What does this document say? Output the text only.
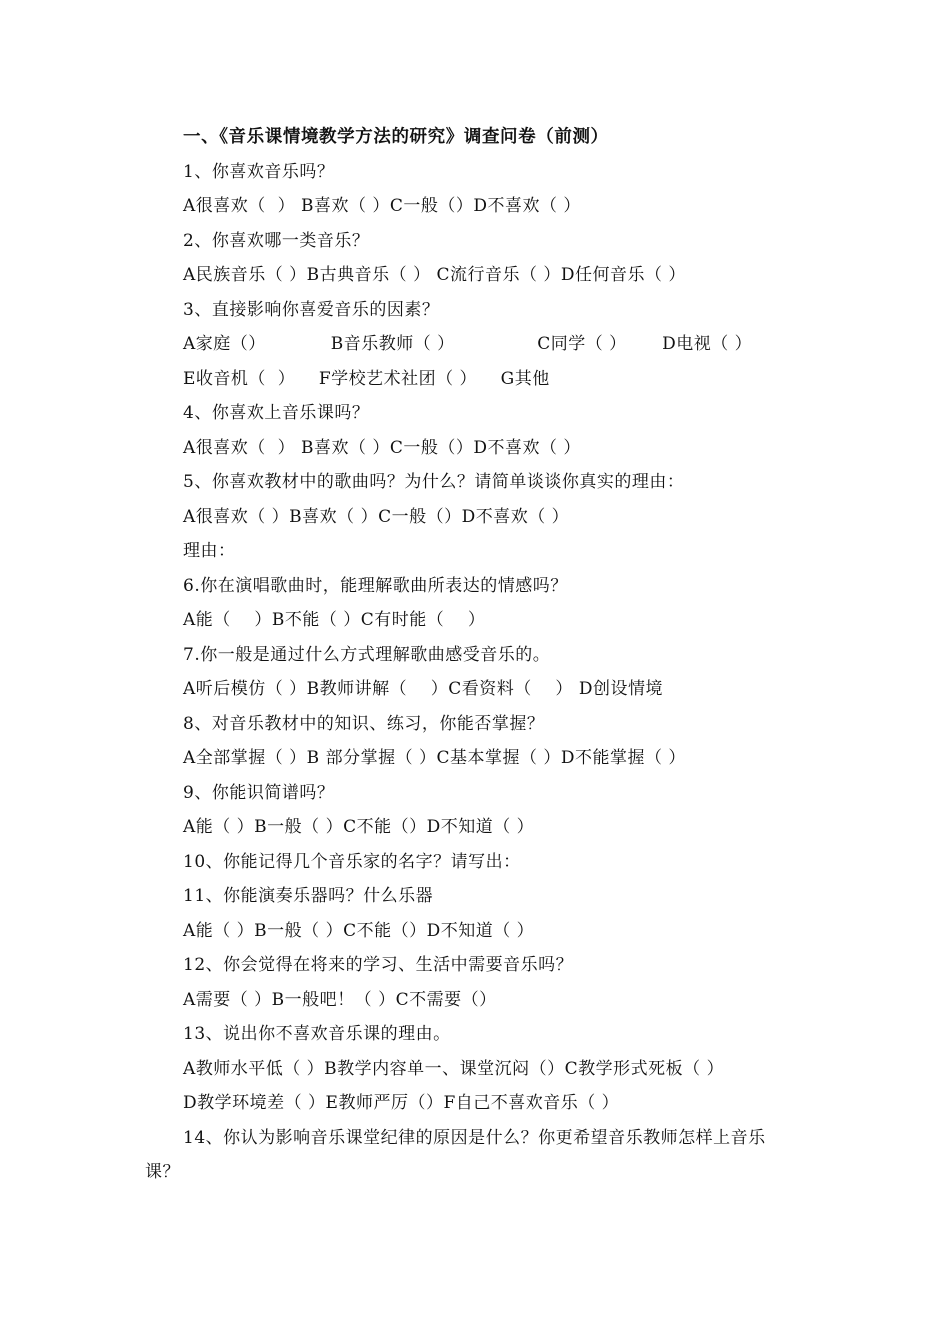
一、《音乐课情境教学方法的研究》调查问卷（前测）
1、你喜欢音乐吗？
A很喜欢（  ） B喜欢（ ）C一般（）D不喜欢（ ）
2、你喜欢哪一类音乐？
A民族音乐（ ）B古典音乐（ ） C流行音乐（ ）D任何音乐（ ）
3、直接影响你喜爱音乐的因素？
A家庭（）           B音乐教师（ ）              C同学（ ）      D电视（ ）
E收音机（  ）    F学校艺术社团（ ）    G其他
4、你喜欢上音乐课吗？
A很喜欢（  ） B喜欢（ ）C一般（）D不喜欢（ ）
5、你喜欢教材中的歌曲吗？为什么？请简单谈谈你真实的理由：
A很喜欢（ ）B喜欢（ ）C一般（）D不喜欢（ ）
理由：
6.你在演唱歌曲时，能理解歌曲所表达的情感吗？
A能（    ）B不能（ ）C有时能（    ）
7.你一般是通过什么方式理解歌曲感受音乐的。
A听后模仿（ ）B教师讲解（    ）C看资料（    ） D创设情境
8、对音乐教材中的知识、练习，你能否掌握？
A全部掌握（ ）B 部分掌握（ ）C基本掌握（ ）D不能掌握（ ）
9、你能识简谱吗？
A能（ ）B一般（ ）C不能（）D不知道（ ）
10、你能记得几个音乐家的名字？请写出：
11、你能演奏乐器吗？什么乐器
A能（ ）B一般（ ）C不能（）D不知道（ ）
12、你会觉得在将来的学习、生活中需要音乐吗？
A需要（ ）B一般吧！（ ）C不需要（）
13、说出你不喜欢音乐课的理由。
A教师水平低（ ）B教学内容单一、课堂沉闷（）C教学形式死板（ ）
D教学环境差（ ）E教师严厉（）F自己不喜欢音乐（ ）
14、你认为影响音乐课堂纪律的原因是什么？你更希望音乐教师怎样上音乐
课？
